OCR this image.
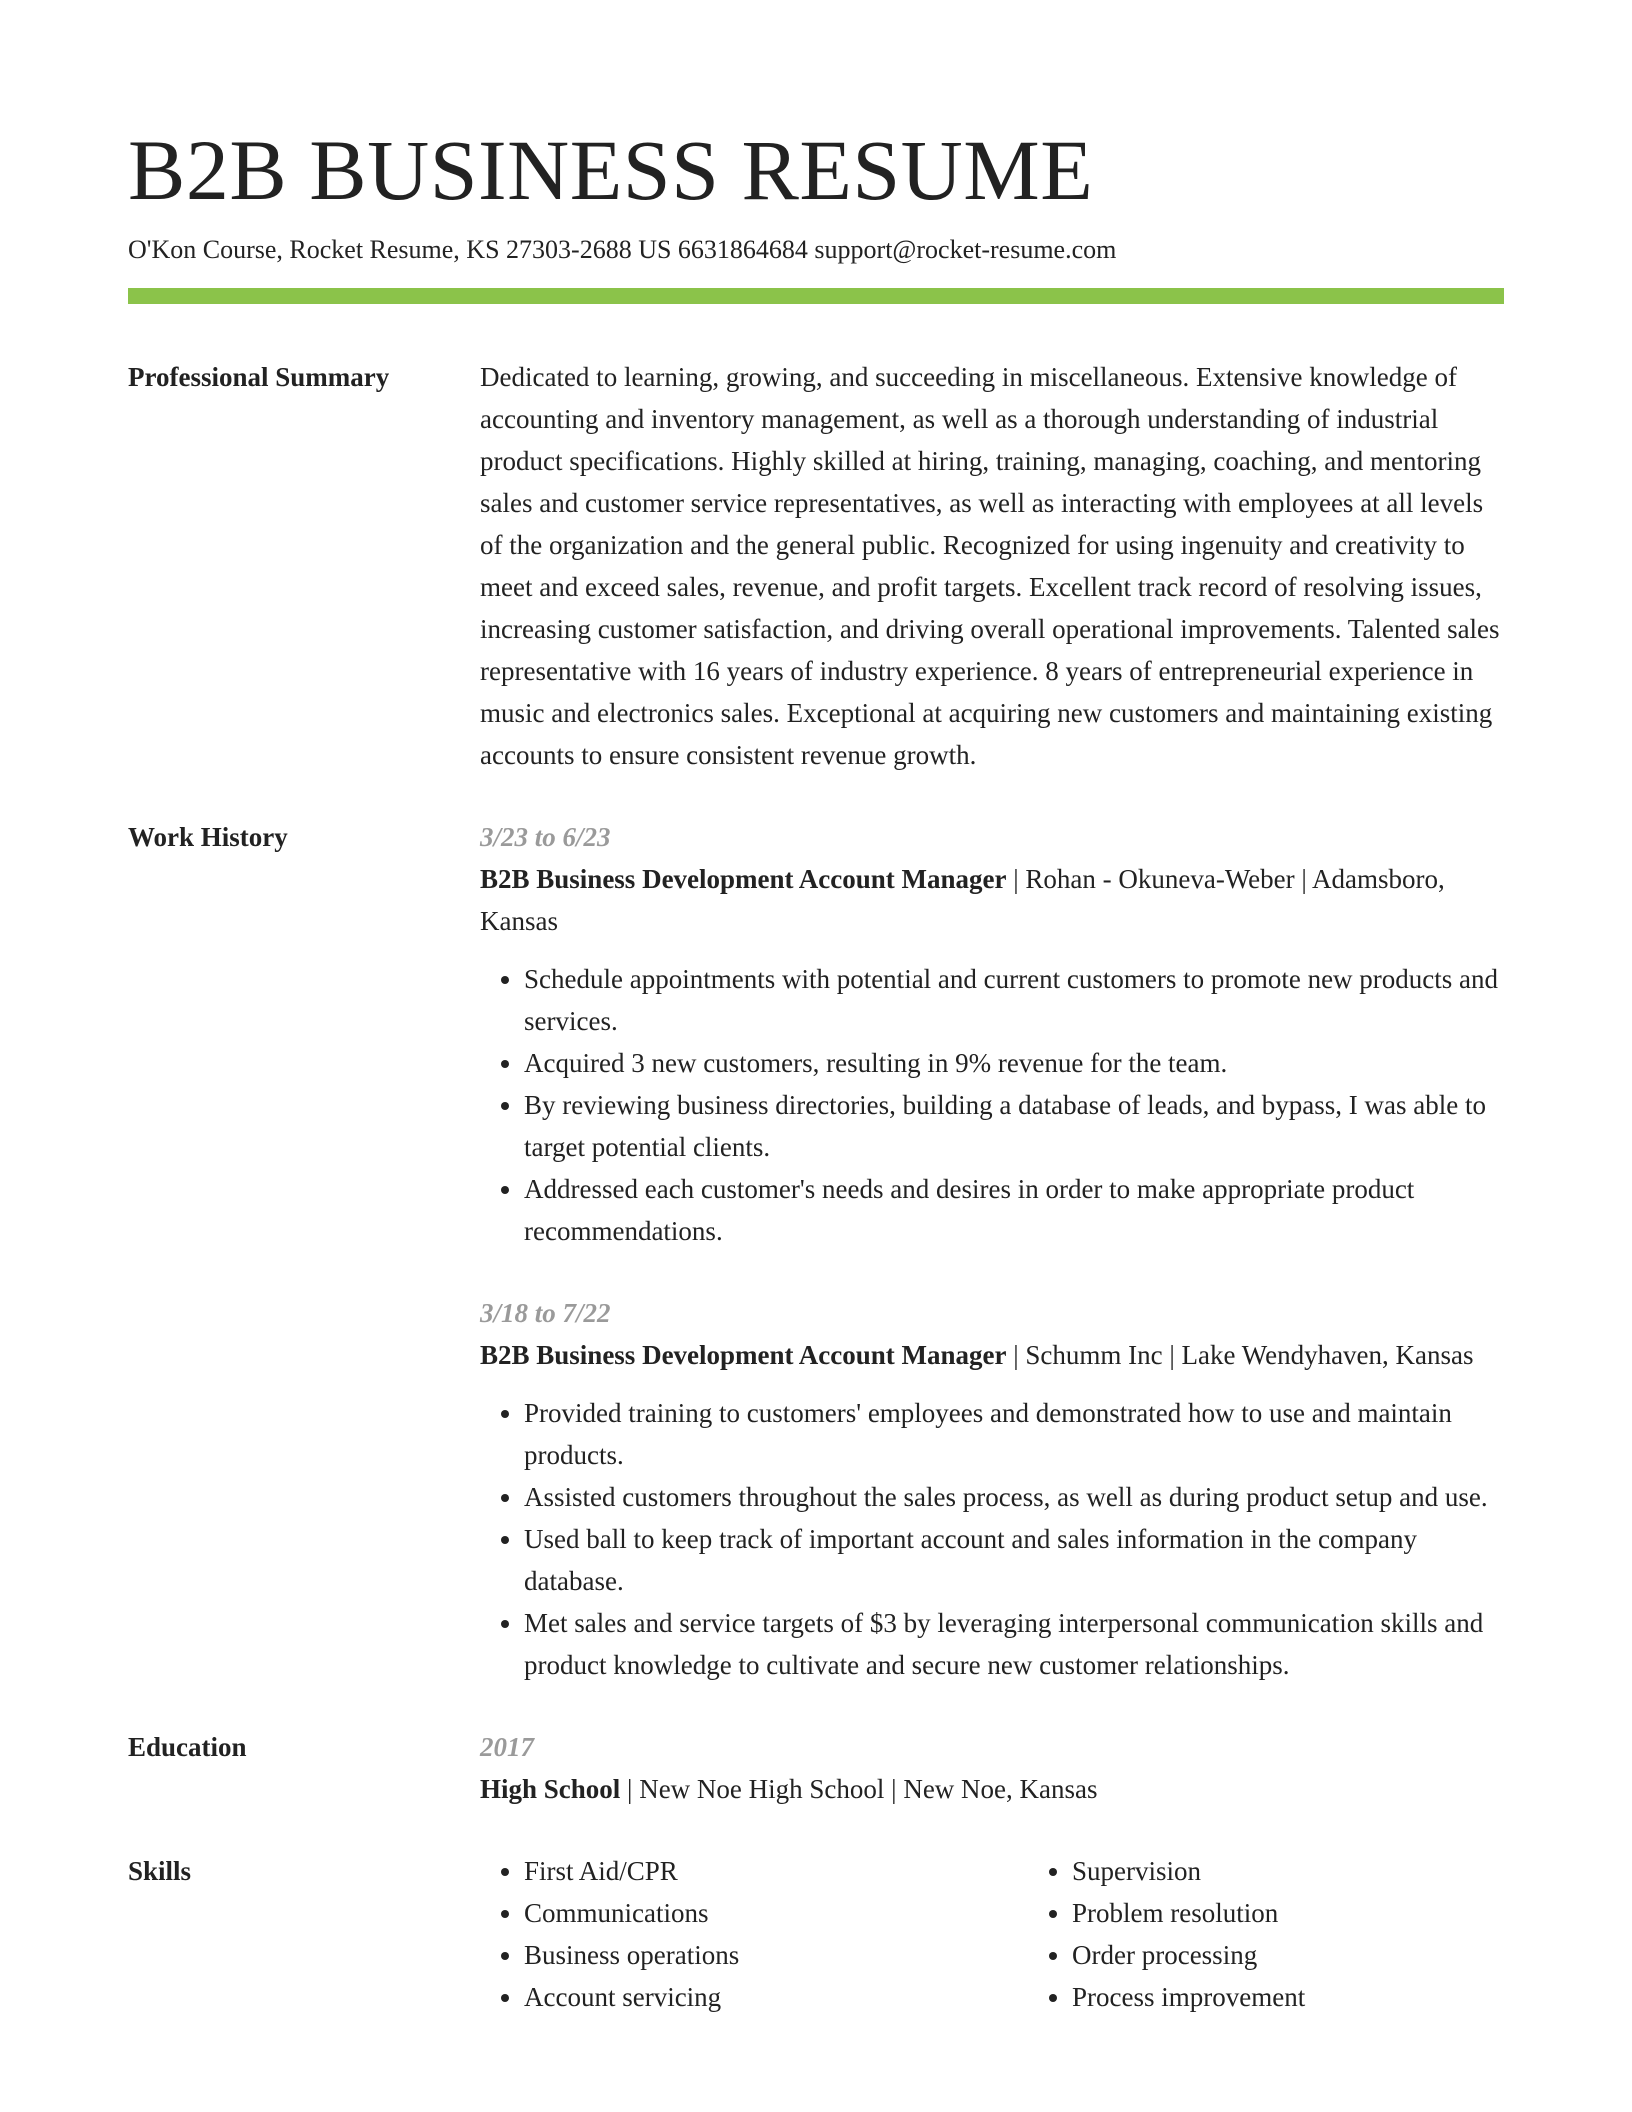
B2B BUSINESS RESUME
O'Kon Course, Rocket Resume, KS 27303-2688 US 6631864684 support@rocket-resume.com
Professional Summary	Dedicated to learning, growing, and succeeding in miscellaneous. Extensive knowledge of accounting and inventory management, as well as a thorough understanding of industrial product specifications. Highly skilled at hiring, training, managing, coaching, and mentoring sales and customer service representatives, as well as interacting with employees at all levels of the organization and the general public. Recognized for using ingenuity and creativity to meet and exceed sales, revenue, and profit targets. Excellent track record of resolving issues, increasing customer satisfaction, and driving overall operational improvements. Talented sales representative with 16 years of industry experience. 8 years of entrepreneurial experience in music and electronics sales. Exceptional at acquiring new customers and maintaining existing accounts to ensure consistent revenue growth.
Work History	3/23 to 6/23
B2B Business Development Account Manager | Rohan - Okuneva-Weber | Adamsboro, Kansas
• Schedule appointments with potential and current customers to promote new products and services.
• Acquired 3 new customers, resulting in 9% revenue for the team.
• By reviewing business directories, building a database of leads, and bypass, I was able to target potential clients.
• Addressed each customer's needs and desires in order to make appropriate product recommendations.
3/18 to 7/22
B2B Business Development Account Manager | Schumm Inc | Lake Wendyhaven, Kansas
• Provided training to customers' employees and demonstrated how to use and maintain products.
• Assisted customers throughout the sales process, as well as during product setup and use.
• Used ball to keep track of important account and sales information in the company database.
• Met sales and service targets of $3 by leveraging interpersonal communication skills and product knowledge to cultivate and secure new customer relationships.
Education	2017
High School | New Noe High School | New Noe, Kansas
Skills
•	First Aid/CPR
• Communications
• Business operations
• Account servicing
• Supervision
• Problem resolution
• Order processing
• Process improvement
